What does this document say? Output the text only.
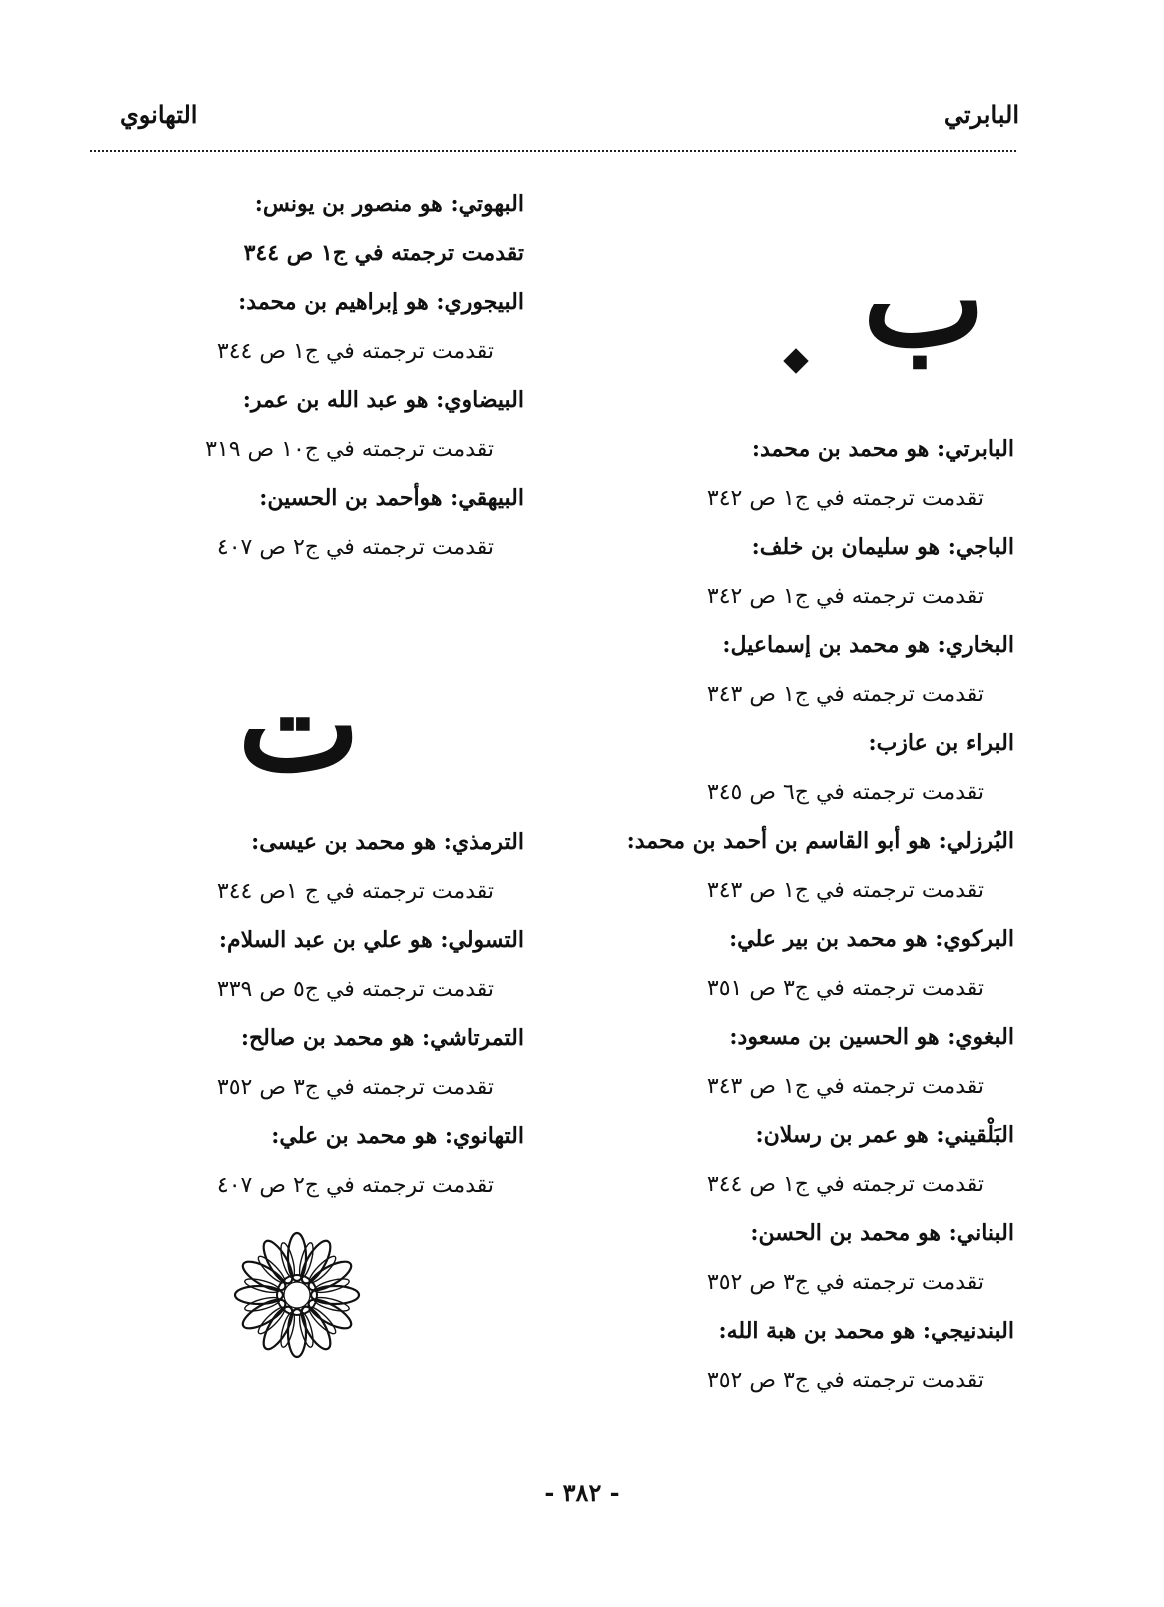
البابرتي
التهانوي
ب
البابرتي: هو محمد بن محمد:
تقدمت ترجمته في ج١ ص ٣٤٢
الباجي: هو سليمان بن خلف:
تقدمت ترجمته في ج١ ص ٣٤٢
البخاري: هو محمد بن إسماعيل:
تقدمت ترجمته في ج١ ص ٣٤٣
البراء بن عازب:
تقدمت ترجمته في ج٦ ص ٣٤٥
البُرزلي: هو أبو القاسم بن أحمد بن محمد:
تقدمت ترجمته في ج١ ص ٣٤٣
البركوي: هو محمد بن بير علي:
تقدمت ترجمته في ج٣ ص ٣٥١
البغوي: هو الحسين بن مسعود:
تقدمت ترجمته في ج١ ص ٣٤٣
البَلْقيني: هو عمر بن رسلان:
تقدمت ترجمته في ج١ ص ٣٤٤
البناني: هو محمد بن الحسن:
تقدمت ترجمته في ج٣ ص ٣٥٢
البندنيجي: هو محمد بن هبة الله:
تقدمت ترجمته في ج٣ ص ٣٥٢
البهوتي: هو منصور بن يونس:
تقدمت ترجمته في ج١ ص ٣٤٤
البيجوري: هو إبراهيم بن محمد:
تقدمت ترجمته في ج١ ص ٣٤٤
البيضاوي: هو عبد الله بن عمر:
تقدمت ترجمته في ج١٠ ص ٣١٩
البيهقي: هوأحمد بن الحسين:
تقدمت ترجمته في ج٢ ص ٤٠٧
ت
الترمذي: هو محمد بن عيسى:
تقدمت ترجمته في ج ١ص ٣٤٤
التسولي: هو علي بن عبد السلام:
تقدمت ترجمته في ج٥ ص ٣٣٩
التمرتاشي: هو محمد بن صالح:
تقدمت ترجمته في ج٣ ص ٣٥٢
التهانوي: هو محمد بن علي:
تقدمت ترجمته في ج٢ ص ٤٠٧
- ٣٨٢ -
